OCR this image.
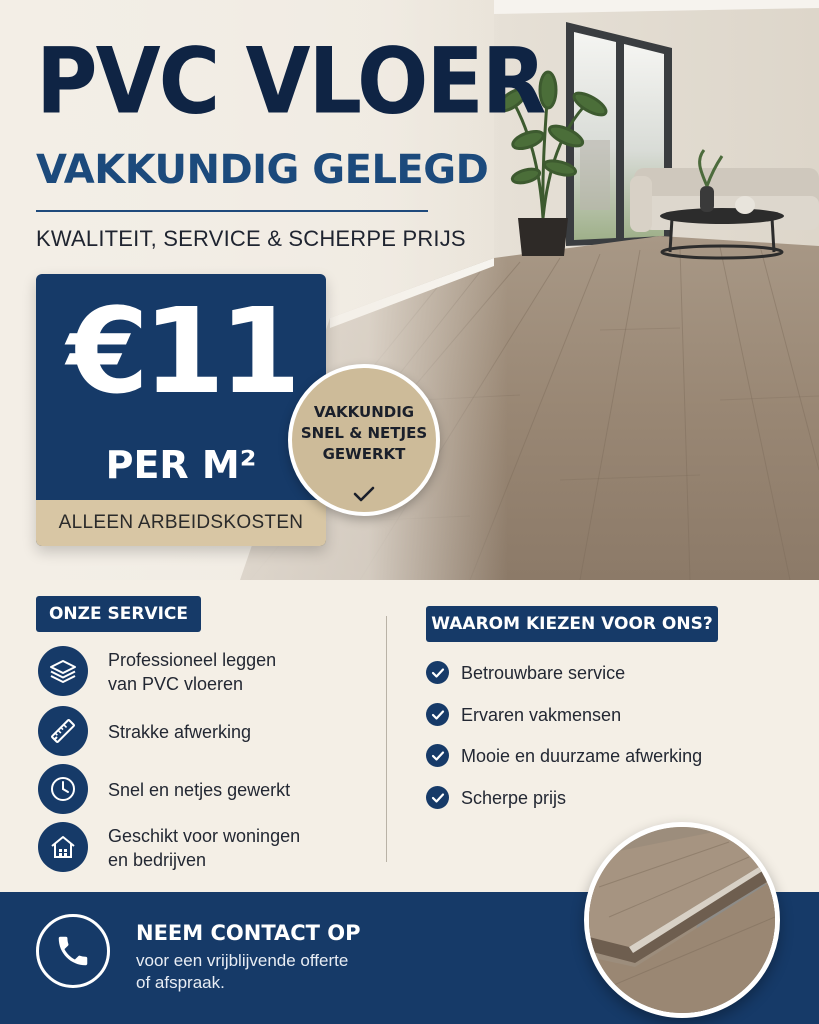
PVC VLOER
VAKKUNDIG GELEGD
KWALITEIT, SERVICE & SCHERPE PRIJS
€11
ALLEEN ARBEIDSKOSTEN
PER M²
VAKKUNDIG
SNEL & NETJES
GEWERKT
ONZE SERVICE	WAAROM KIEZEN VOOR ONS?
Professioneel leggen
van PVC vloeren
Strakke afwerking
Snel en netjes gewerkt
Geschikt voor woningen
en bedrijven
Betrouwbare service
Ervaren vakmensen
Mooie en duurzame afwerking
Scherpe prijs
NEEM CONTACT OP
voor een vrijblijvende offerte
of afspraak.
